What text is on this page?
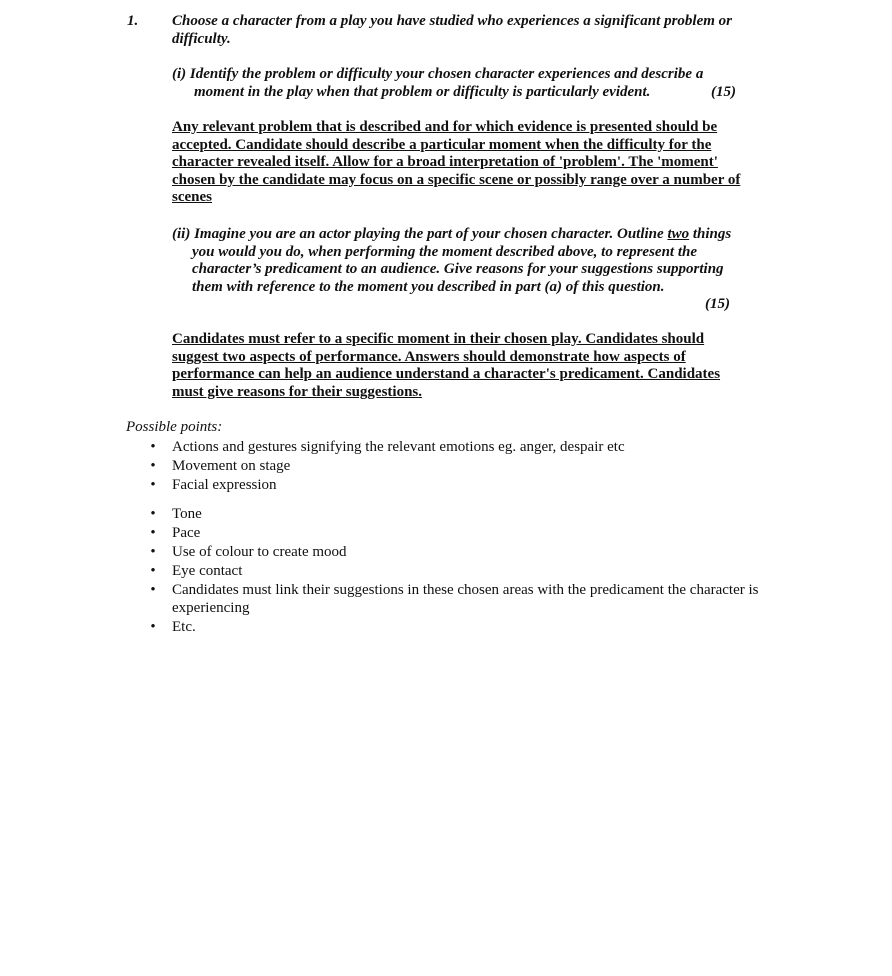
1. Choose a character from a play you have studied who experiences a significant problem or difficulty.
(i) Identify the problem or difficulty your chosen character experiences and describe a moment in the play when that problem or difficulty is particularly evident.	(15)
Any relevant problem that is described and for which evidence is presented should be accepted. Candidate should describe a particular moment when the difficulty for the character revealed itself. Allow for a broad interpretation of 'problem'. The 'moment' chosen by the candidate may focus on a specific scene or possibly range over a number of scenes
(ii) Imagine you are an actor playing the part of your chosen character. Outline two things you would you do, when performing the moment described above, to represent the character’s predicament to an audience. Give reasons for your suggestions supporting them with reference to the moment you described in part (a) of this question.
(15)
Candidates must refer to a specific moment in their chosen play. Candidates should suggest two aspects of performance. Answers should demonstrate how aspects of performance can help an audience understand a character's predicament. Candidates must give reasons for their suggestions.
Possible points:
• Actions and gestures signifying the relevant emotions eg. anger, despair etc
• Movement on stage
• Facial expression
• Tone
• Pace
• Use of colour to create mood
• Eye contact
• Candidates must link their suggestions in these chosen areas with the predicament the character is experiencing
• Etc.
